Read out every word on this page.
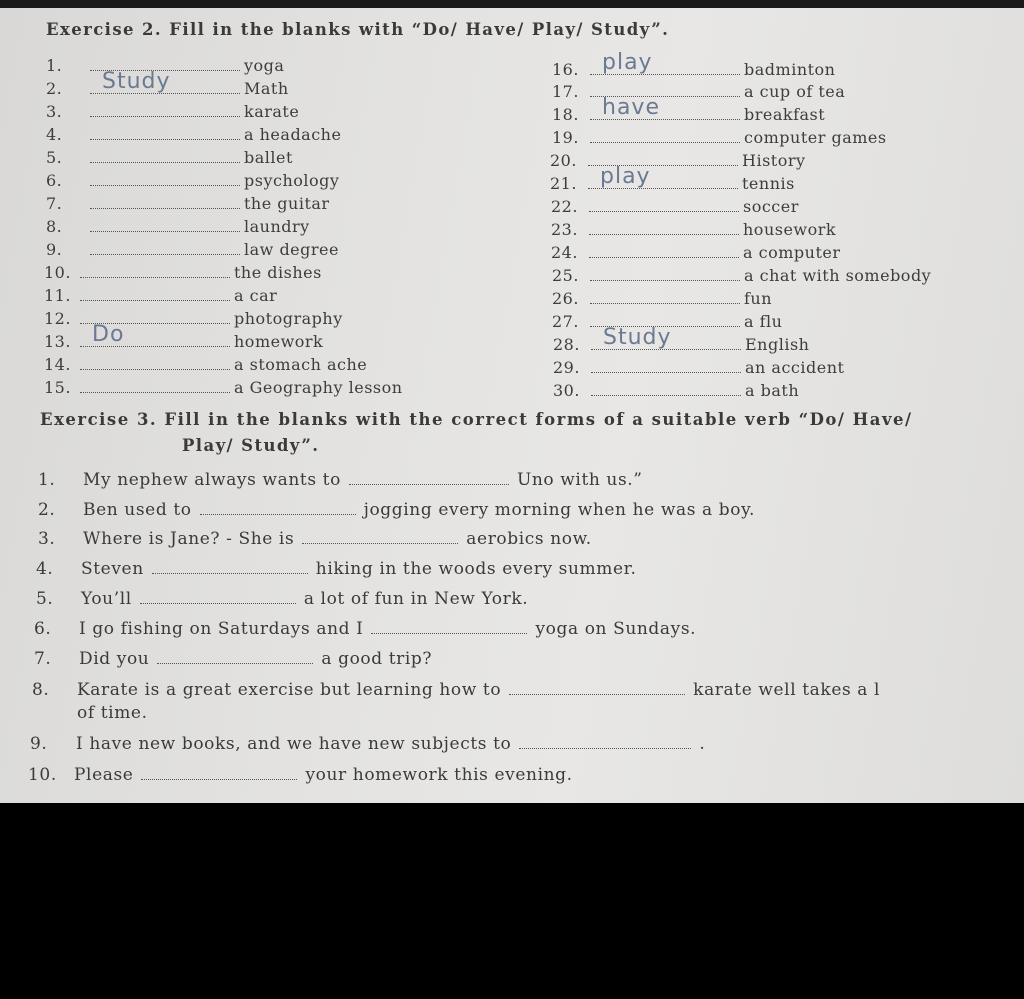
Exercise 2. Fill in the blanks with “Do/ Have/ Play/ Study”.
1.	yoga
2.	Study	Math
3.	karate
4.	a headache
5.	ballet
6.	psychology
7.	the guitar
8.	laundry
9.	law degree
10.	the dishes
11.	a car
12.	photography
13. Do	homework
14.	a stomach ache
15.	a Geography lesson
16.	play	badminton
17.	a cup of tea
18.	have	breakfast
19.	computer games
20.	History
21.	play	tennis
22.	soccer
23.	housework
24.	a computer
25.	a chat with somebody
26.	fun
27.	a flu
28.	Study	English
29.	an accident
30.	a bath
Exercise 3. Fill in the blanks with the correct forms of a suitable verb “Do/ Have/
Play/ Study”.
1.	My nephew always wants to	Uno with us.”
2.	Ben used to	jogging every morning when he was a boy.
3.	Where is Jane? - She is	aerobics now.
4.	Steven	hiking in the woods every summer.
5.	You’ll	a lot of fun in New York.
6.	I go fishing on Saturdays and I	yoga on Sundays.
7.	Did you	a good trip?
8.	Karate is a great exercise but learning how to	karate well takes a l
9.	I have new books, and we have new subjects to	.
10.	Please	your homework this evening.
of time.
